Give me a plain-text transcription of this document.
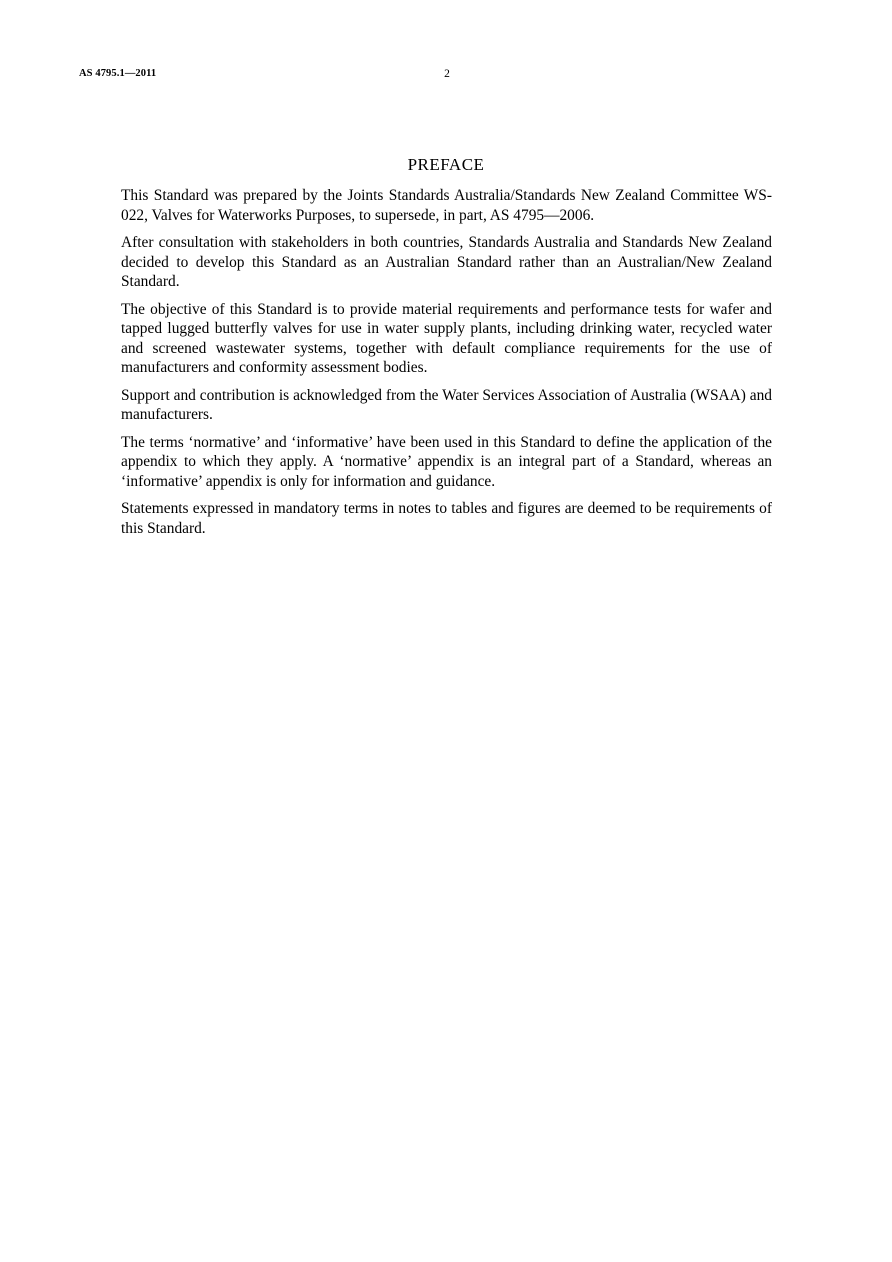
AS 4795.1—2011	2
PREFACE

This Standard was prepared by the Joints Standards Australia/Standards New Zealand Committee WS-022, Valves for Waterworks Purposes, to supersede, in part, AS 4795—2006.

After consultation with stakeholders in both countries, Standards Australia and Standards New Zealand decided to develop this Standard as an Australian Standard rather than an Australian/New Zealand Standard.

The objective of this Standard is to provide material requirements and performance tests for wafer and tapped lugged butterfly valves for use in water supply plants, including drinking water, recycled water and screened wastewater systems, together with default compliance requirements for the use of manufacturers and conformity assessment bodies.

Support and contribution is acknowledged from the Water Services Association of Australia (WSAA) and manufacturers.

The terms ‘normative’ and ‘informative’ have been used in this Standard to define the application of the appendix to which they apply. A ‘normative’ appendix is an integral part of a Standard, whereas an ‘informative’ appendix is only for information and guidance.

Statements expressed in mandatory terms in notes to tables and figures are deemed to be requirements of this Standard.
